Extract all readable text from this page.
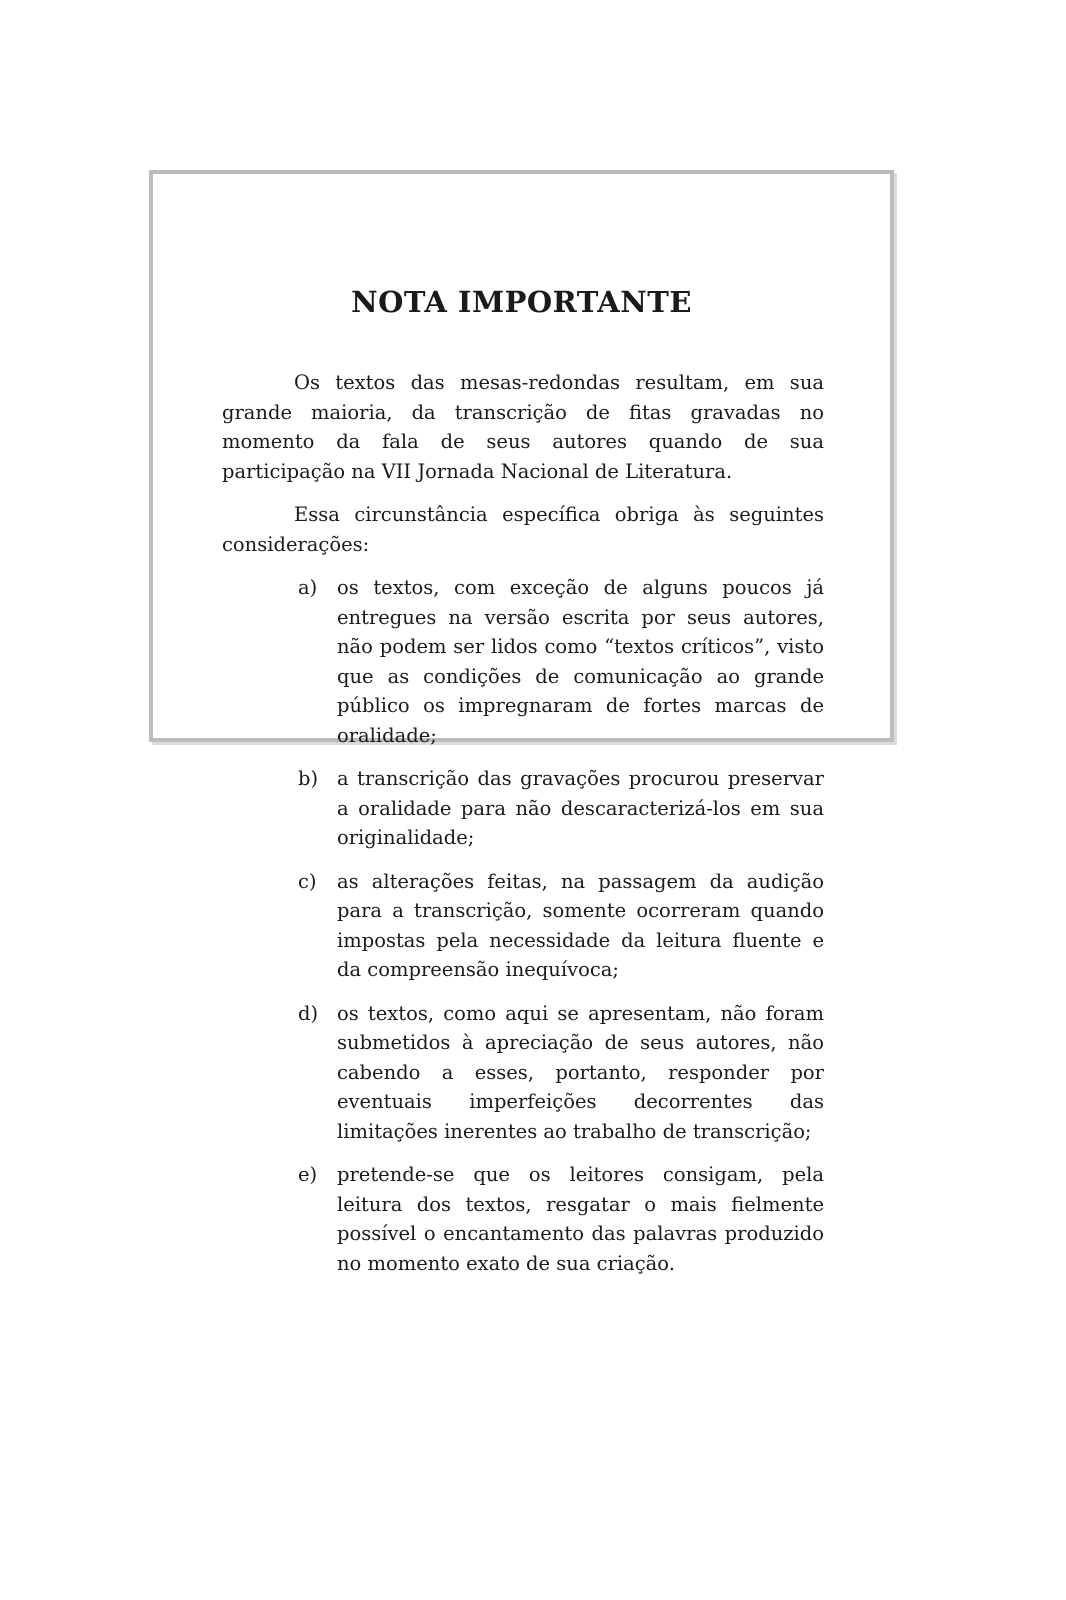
NOTA IMPORTANTE

Os textos das mesas-redondas resultam, em sua grande maioria, da transcrição de fitas gravadas no momento da fala de seus autores quando de sua participação na VII Jornada Nacional de Literatura.

Essa circunstância específica obriga às seguintes considerações:

a) os textos, com exceção de alguns poucos já entregues na versão escrita por seus autores, não podem ser lidos como “textos críticos”, visto que as condições de comunicação ao grande público os impregnaram de fortes marcas de oralidade;
b) a transcrição das gravações procurou preservar a oralidade para não descaracterizá-los em sua originalidade;
c) as alterações feitas, na passagem da audição para a transcrição, somente ocorreram quando impostas pela necessidade da leitura fluente e da compreensão inequívoca;
d) os textos, como aqui se apresentam, não foram submetidos à apreciação de seus autores, não cabendo a esses, portanto, responder por eventuais imperfeições decorrentes das limitações inerentes ao trabalho de transcrição;
e) pretende-se que os leitores consigam, pela leitura dos textos, resgatar o mais fielmente possível o encantamento das palavras produzido no momento exato de sua criação.
